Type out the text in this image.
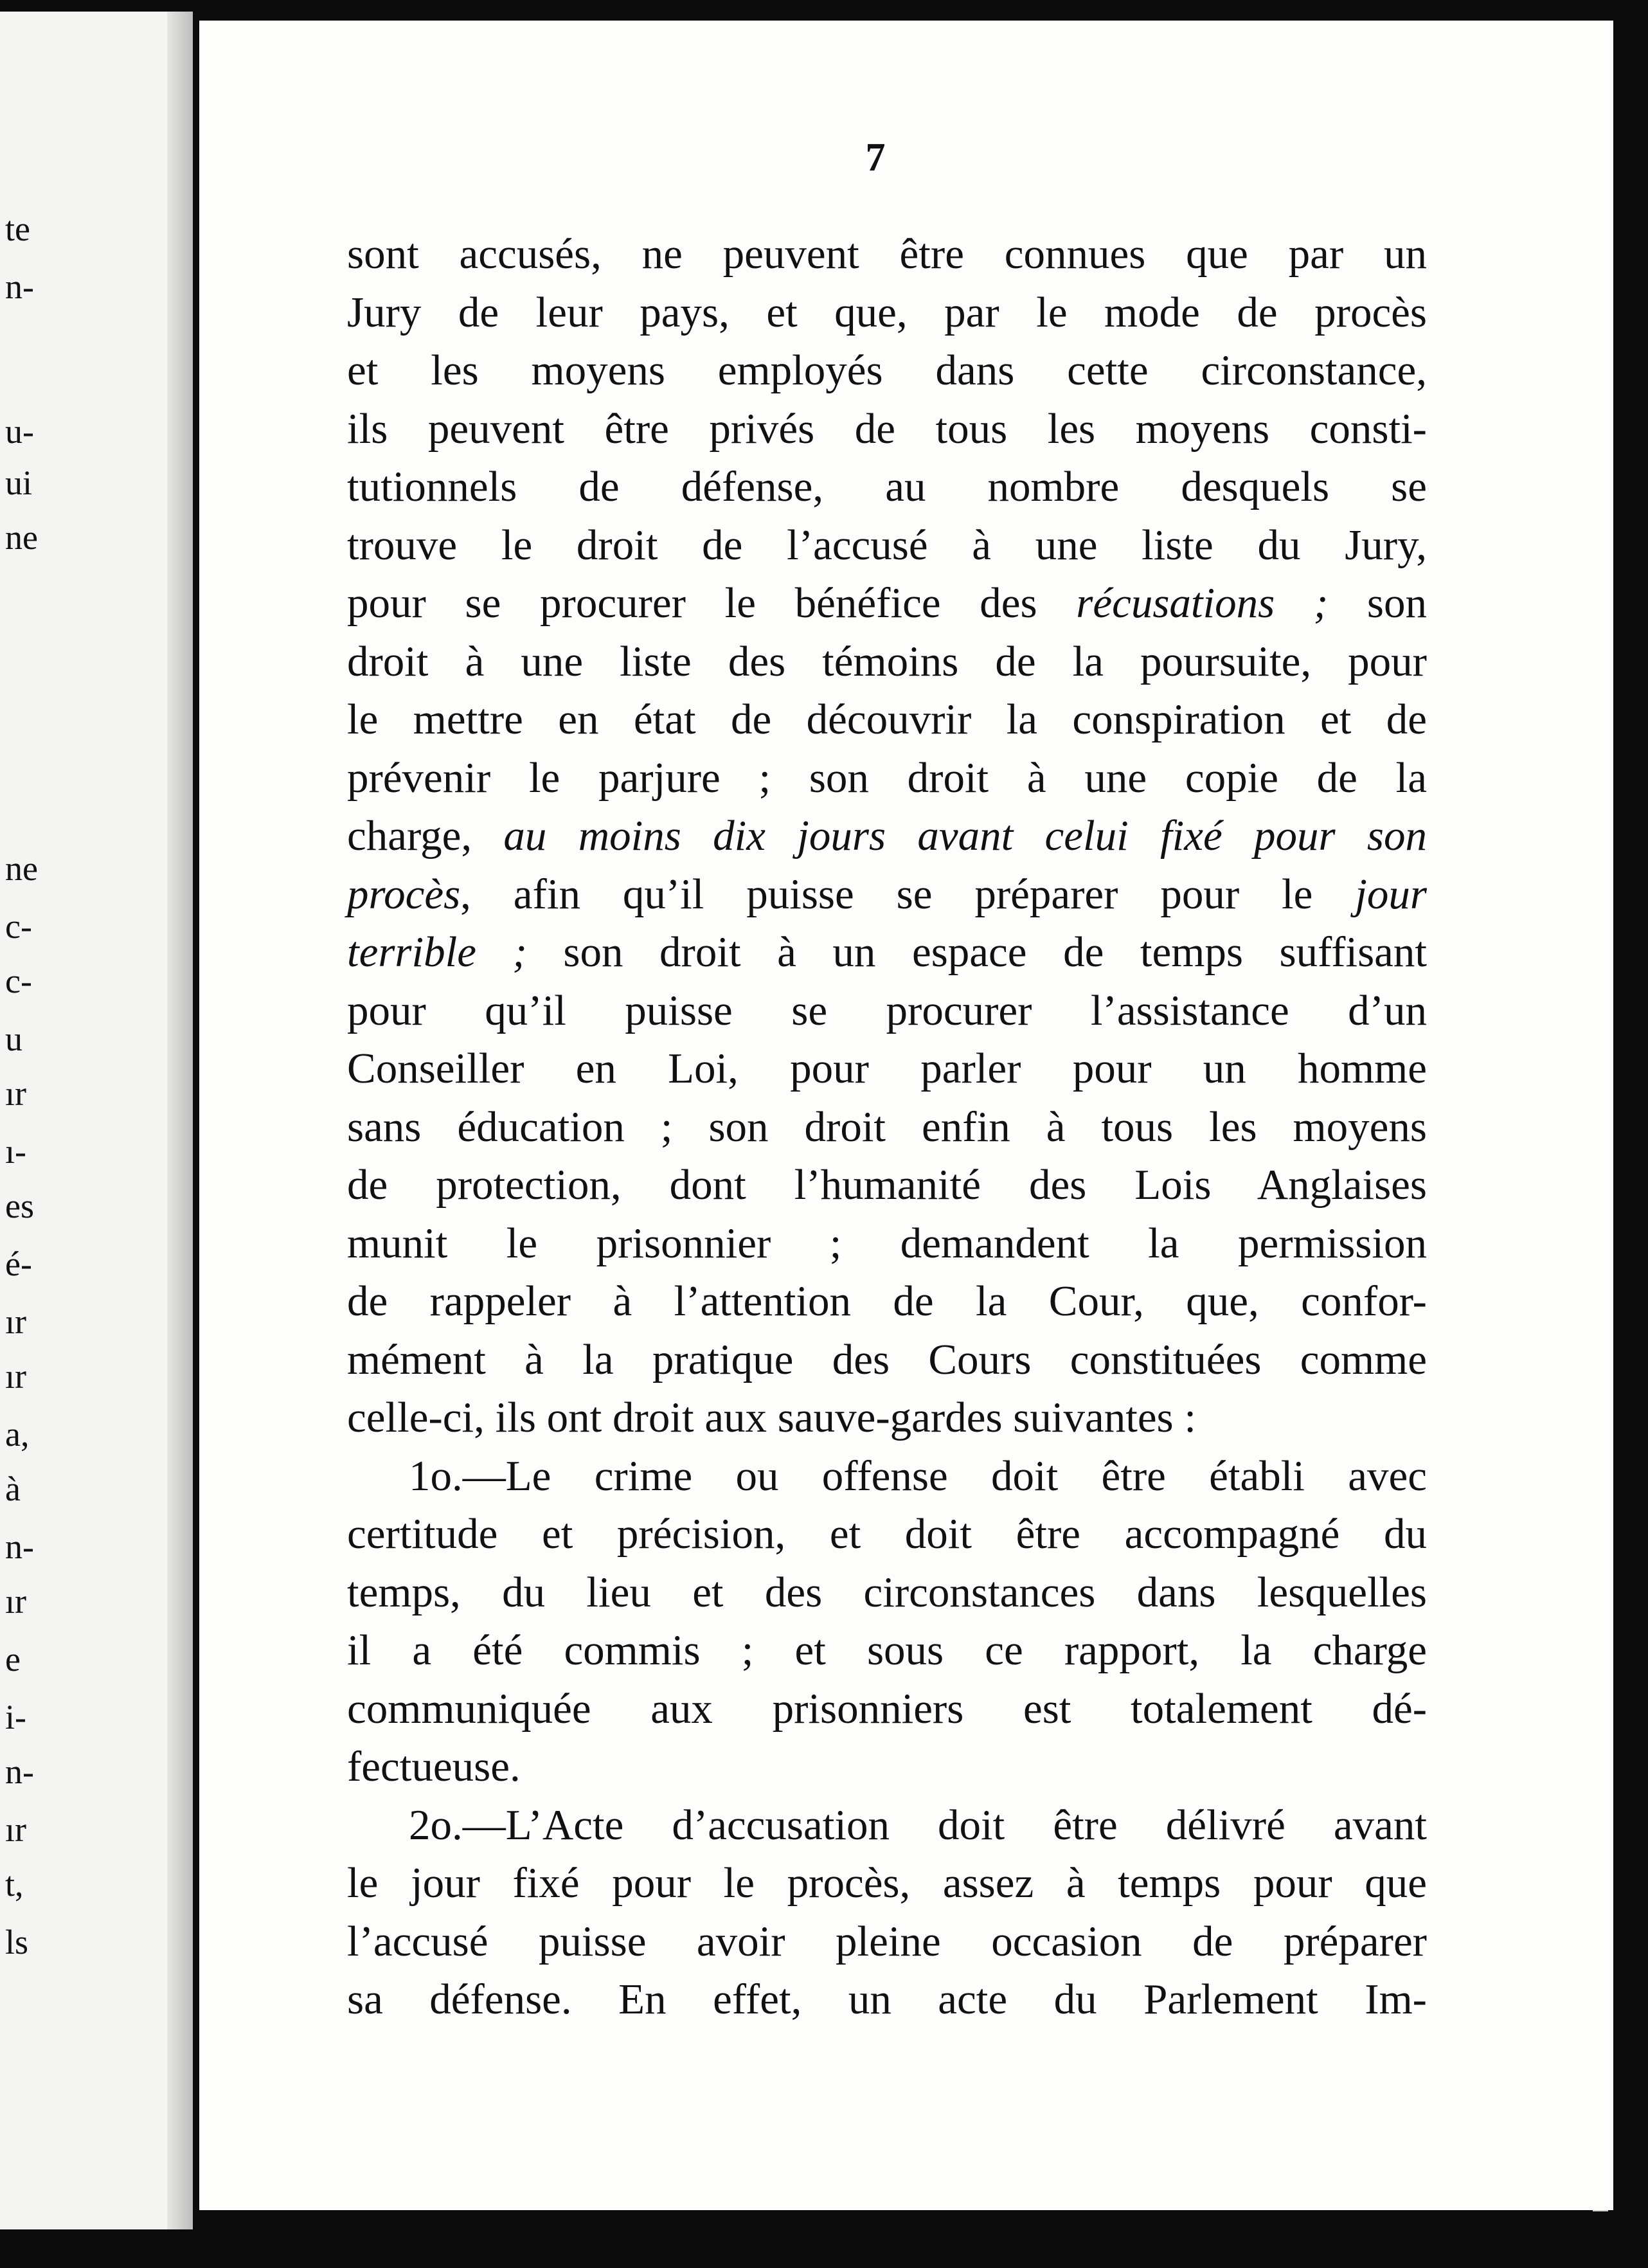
te
n-
u-
ui
ne
ne
c-
c-
u
ır
ı-
es
é-
ır
ır
a,
à
n-
ır
e
i-
n-
ır
t,
ls
7
sont accusés, ne peuvent être connues que par un
Jury de leur pays, et que, par le mode de procès
et les moyens employés dans cette circonstance,
ils peuvent être privés de tous les moyens consti-
tutionnels de défense, au nombre desquels se
trouve le droit de l’accusé à une liste du Jury,
pour se procurer le bénéfice des récusations ; son
droit à une liste des témoins de la poursuite, pour
le mettre en état de découvrir la conspiration et de
prévenir le parjure ; son droit à une copie de la
charge, au moins dix jours avant celui fixé pour son
procès, afin qu’il puisse se préparer pour le jour
terrible ; son droit à un espace de temps suffisant
pour qu’il puisse se procurer l’assistance d’un
Conseiller en Loi, pour parler pour un homme
sans éducation ; son droit enfin à tous les moyens
de protection, dont l’humanité des Lois Anglaises
munit le prisonnier ; demandent la permission
de rappeler à l’attention de la Cour, que, confor-
mément à la pratique des Cours constituées comme
celle-ci, ils ont droit aux sauve-gardes suivantes :
1o.—Le crime ou offense doit être établi avec
certitude et précision, et doit être accompagné du
temps, du lieu et des circonstances dans lesquelles
il a été commis ; et sous ce rapport, la charge
communiquée aux prisonniers est totalement dé-
fectueuse.
2o.—L’Acte d’accusation doit être délivré avant
le jour fixé pour le procès, assez à temps pour que
l’accusé puisse avoir pleine occasion de préparer
sa défense. En effet, un acte du Parlement Im-
